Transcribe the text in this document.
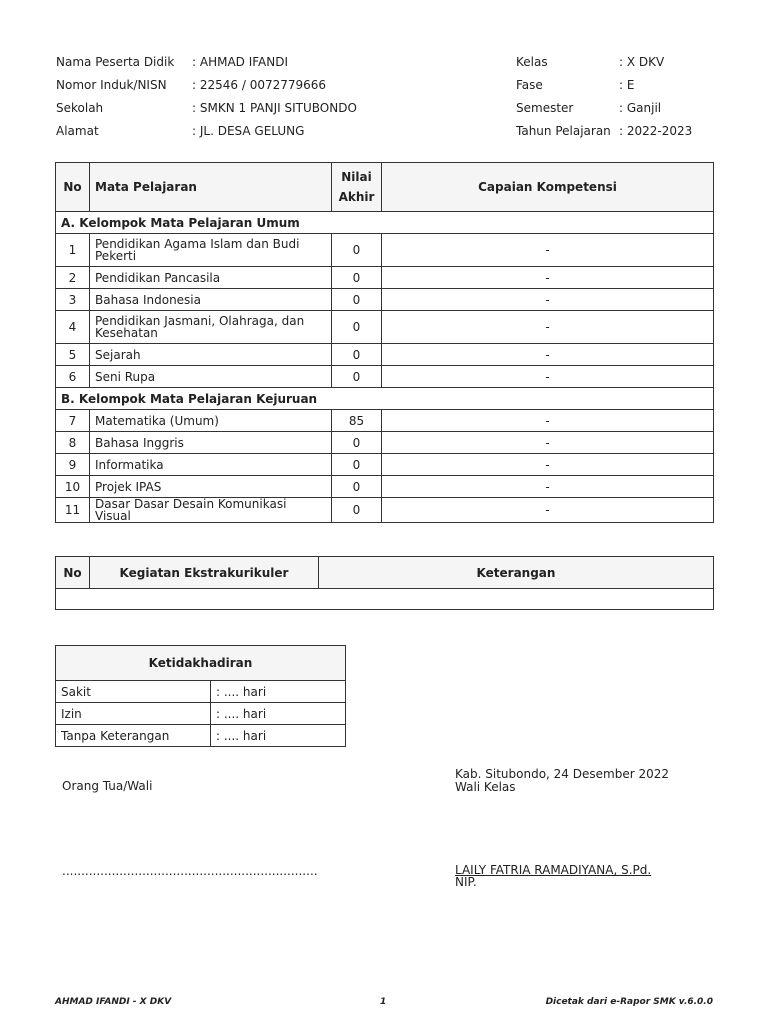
Nama Peserta Didik : AHMAD IFANDI	Kelas	: X DKV
Nomor Induk/NISN : 22546 / 0072779666	Fase	: E
Sekolah	: SMKN 1 PANJI SITUBONDO	Semester	: Ganjil
Alamat	: JL. DESA GELUNG	Tahun Pelajaran : 2022-2023
No	Mata Pelajaran	Nilai Akhir	Capaian Kompetensi
A. Kelompok Mata Pelajaran Umum			
1	Pendidikan Agama Islam dan Budi Pekerti	0	-
2	Pendidikan Pancasila	0	-
3	Bahasa Indonesia	0	-
4	Pendidikan Jasmani, Olahraga, dan Kesehatan	0	-
5	Sejarah	0	-
6	Seni Rupa	0	-
B. Kelompok Mata Pelajaran Kejuruan			
7	Matematika (Umum)	85	-
8	Bahasa Inggris	0	-
9	Informatika	0	-
10	Projek IPAS	0	-
11	Dasar Dasar Desain Komunikasi Visual	0	-
No	Kegiatan Ekstrakurikuler	Keterangan

Ketidakhadiran	
Sakit	: .... hari
Izin	: .... hari
Tanpa Keterangan	: .... hari
Orang Tua/Wali
...................................................................
Kab. Situbondo, 24 Desember 2022
Wali Kelas
LAILY FATRIA RAMADIYANA, S.Pd.
NIP.
AHMAD IFANDI - X DKV	1	Dicetak dari e-Rapor SMK v.6.0.0
